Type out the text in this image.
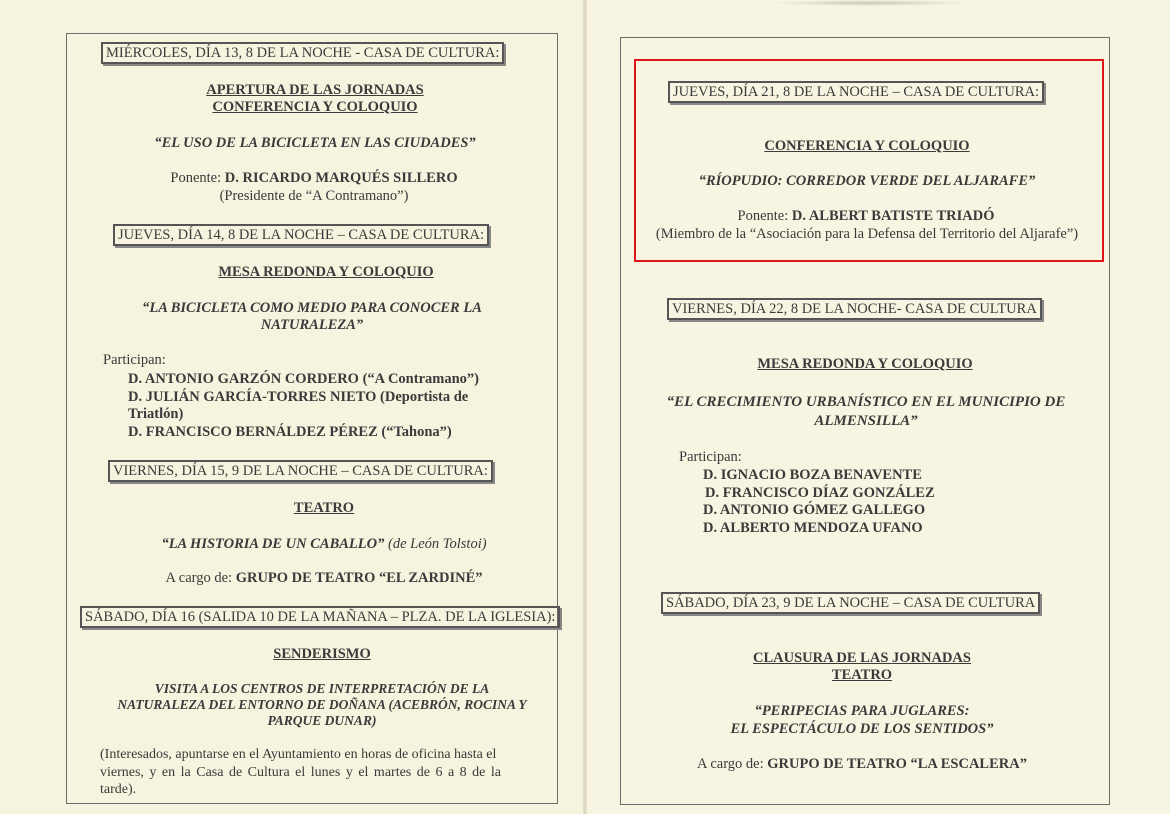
MIÉRCOLES, DÍA 13, 8 DE LA NOCHE - CASA DE CULTURA:
APERTURA DE LAS JORNADAS
CONFERENCIA Y COLOQUIO
“EL USO DE LA BICICLETA EN LAS CIUDADES”
Ponente: D. RICARDO MARQUÉS SILLERO
(Presidente de “A Contramano”)
JUEVES, DÍA 14, 8 DE LA NOCHE – CASA DE CULTURA:
MESA REDONDA Y COLOQUIO
“LA BICICLETA COMO MEDIO PARA CONOCER LA
NATURALEZA”
Participan:
D. ANTONIO GARZÓN CORDERO (“A Contramano”)
D. JULIÁN GARCÍA-TORRES NIETO (Deportista de
Triatlón)
D. FRANCISCO BERNÁLDEZ PÉREZ (“Tahona”)
VIERNES, DÍA 15, 9 DE LA NOCHE – CASA DE CULTURA:
TEATRO
“LA HISTORIA DE UN CABALLO” (de León Tolstoi)
A cargo de: GRUPO DE TEATRO “EL ZARDINÉ”
SÁBADO, DÍA 16 (SALIDA 10 DE LA MAÑANA – PLZA. DE LA IGLESIA):
SENDERISMO
VISITA A LOS CENTROS DE INTERPRETACIÓN DE LA
NATURALEZA DEL ENTORNO DE DOÑANA (ACEBRÓN, ROCINA Y
PARQUE DUNAR)
(Interesados, apuntarse en el Ayuntamiento en horas de oficina hasta el
viernes, y en la Casa de Cultura el lunes y el martes de 6 a 8 de la
tarde).
JUEVES, DÍA 21, 8 DE LA NOCHE – CASA DE CULTURA:
CONFERENCIA Y COLOQUIO
“RÍOPUDIO: CORREDOR VERDE DEL ALJARAFE”
Ponente: D. ALBERT BATISTE TRIADÓ
(Miembro de la “Asociación para la Defensa del Territorio del Aljarafe”)
VIERNES, DÍA 22, 8 DE LA NOCHE- CASA DE CULTURA
MESA REDONDA Y COLOQUIO
“EL CRECIMIENTO URBANÍSTICO EN EL MUNICIPIO DE
ALMENSILLA”
Participan:
D. IGNACIO BOZA BENAVENTE
D. FRANCISCO DÍAZ GONZÁLEZ
D. ANTONIO GÓMEZ GALLEGO
D. ALBERTO MENDOZA UFANO
SÁBADO, DÍA 23, 9 DE LA NOCHE – CASA DE CULTURA
CLAUSURA DE LAS JORNADAS
TEATRO
“PERIPECIAS PARA JUGLARES:
EL ESPECTÁCULO DE LOS SENTIDOS”
A cargo de: GRUPO DE TEATRO “LA ESCALERA”
